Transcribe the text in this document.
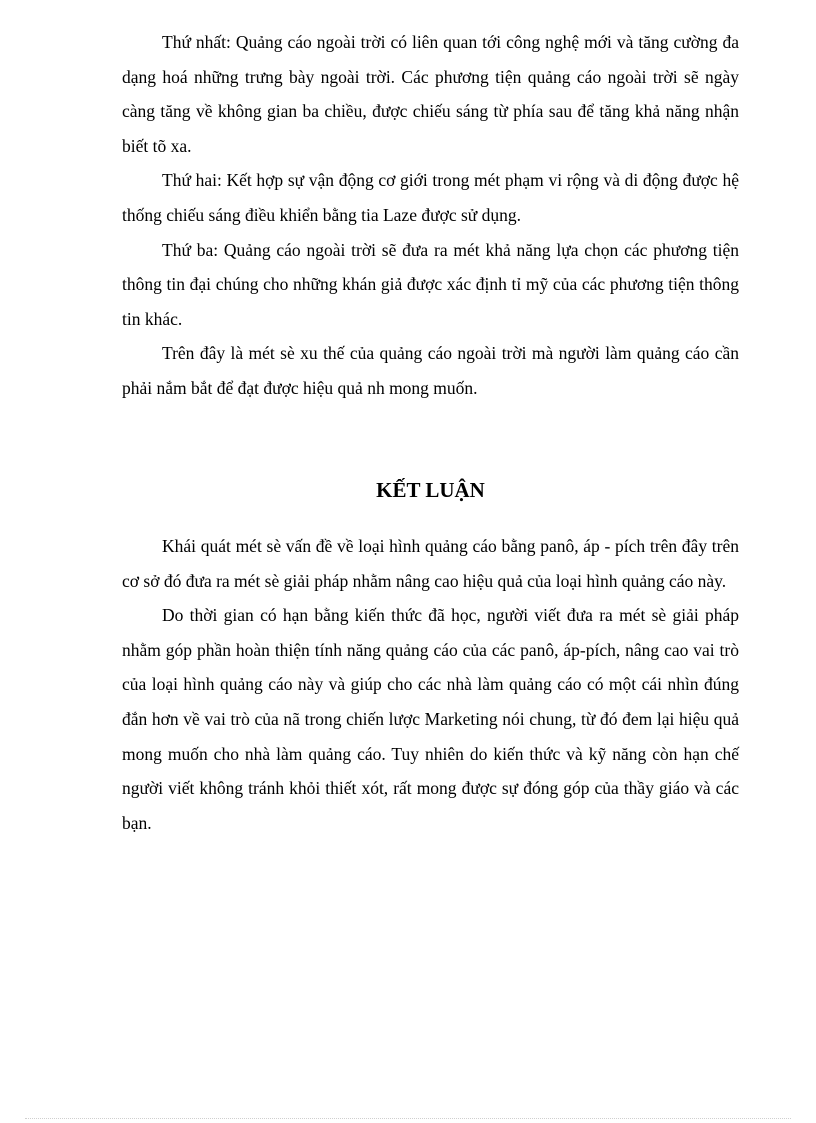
Thứ nhất: Quảng cáo ngoài trời có liên quan tới công nghệ mới và tăng cường đa dạng hoá những trưng bày ngoài trời. Các phương tiện quảng cáo ngoài trời sẽ ngày càng tăng về không gian ba chiều, được chiếu sáng từ phía sau để tăng khả năng nhận biết tõ xa.

Thứ hai: Kết hợp sự vận động cơ giới trong mét phạm vi rộng và di động được hệ thống chiếu sáng điều khiển bằng tia Laze được sử dụng.

Thứ ba: Quảng cáo ngoài trời sẽ đưa ra mét khả năng lựa chọn các phương tiện thông tin đại chúng cho những khán giả được xác định tỉ mỹ của các phương tiện thông tin khác.

Trên đây là mét sè xu thế của quảng cáo ngoài trời mà người làm quảng cáo cần phải nắm bắt để đạt được hiệu quả nh mong muốn.

KẾT LUẬN

Khái quát mét sè vấn đề về loại hình quảng cáo bằng panô, áp - pích trên đây trên cơ sở đó đưa ra mét sè giải pháp nhằm nâng cao hiệu quả của loại hình quảng cáo này.

Do thời gian có hạn bằng kiến thức đã học, người viết đưa ra mét sè giải pháp nhằm góp phần hoàn thiện tính năng quảng cáo của các panô, áp-pích, nâng cao vai trò của loại hình quảng cáo này và giúp cho các nhà làm quảng cáo có một cái nhìn đúng đắn hơn về vai trò của nã trong chiến lược Marketing nói chung, từ đó đem lại hiệu quả mong muốn cho nhà làm quảng cáo. Tuy nhiên do kiến thức và kỹ năng còn hạn chế người viết không tránh khỏi thiết xót, rất mong được sự đóng góp của thầy giáo và các bạn.
